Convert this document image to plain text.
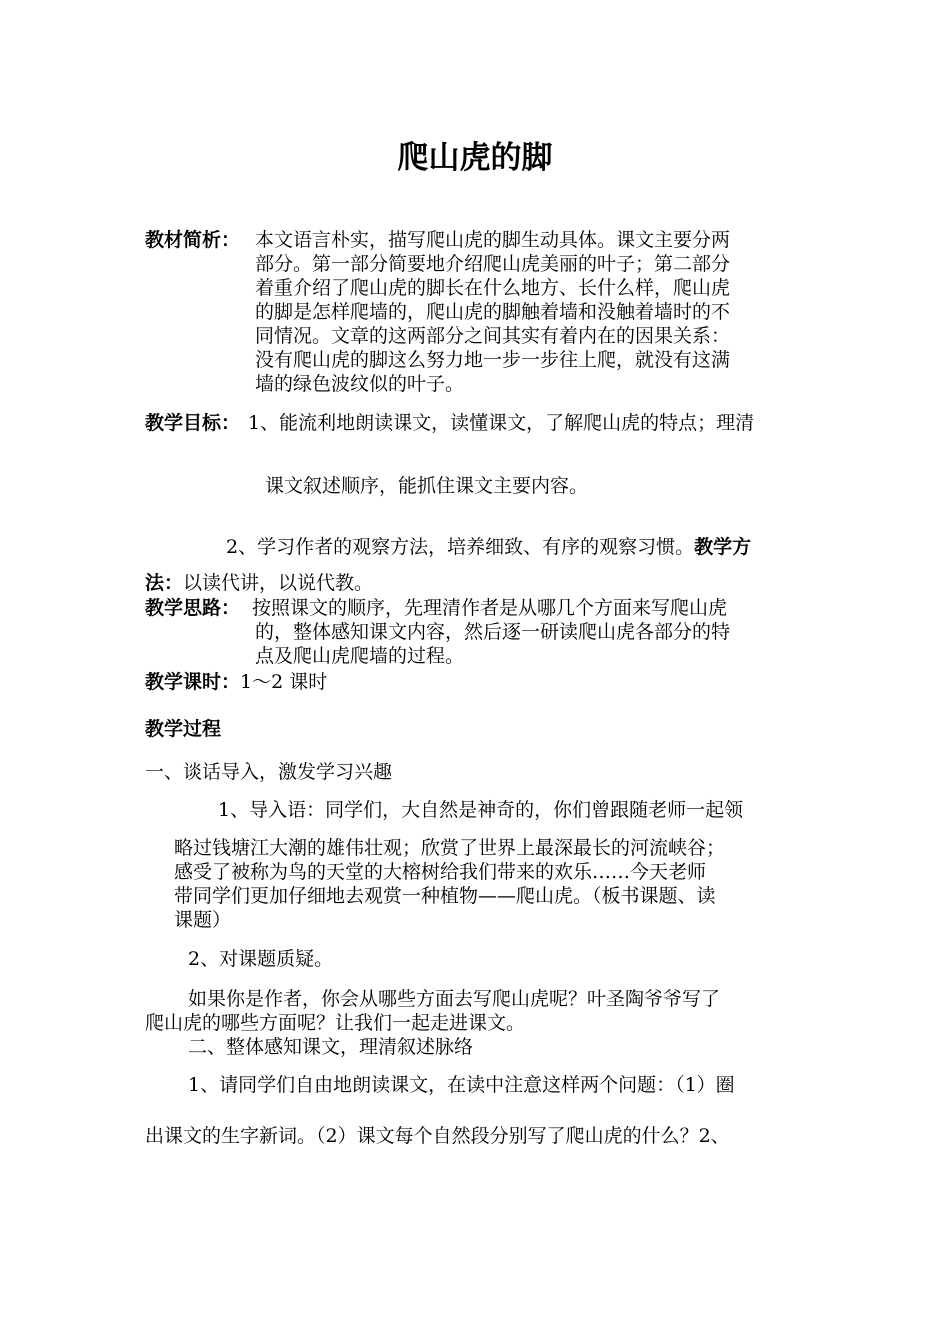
爬山虎的脚
教材简析： 本文语言朴实，描写爬山虎的脚生动具体。课文主要分两
部分。第一部分简要地介绍爬山虎美丽的叶子；第二部分
着重介绍了爬山虎的脚长在什么地方、长什么样，爬山虎
的脚是怎样爬墙的，爬山虎的脚触着墙和没触着墙时的不
同情况。文章的这两部分之间其实有着内在的因果关系：
没有爬山虎的脚这么努力地一步一步往上爬，就没有这满
墙的绿色波纹似的叶子。
教学目标： 1、能流利地朗读课文，读懂课文，了解爬山虎的特点；理清
课文叙述顺序，能抓住课文主要内容。
2、学习作者的观察方法，培养细致、有序的观察习惯。教学方
法：以读代讲，以说代教。
教学思路： 按照课文的顺序，先理清作者是从哪几个方面来写爬山虎
的，整体感知课文内容，然后逐一研读爬山虎各部分的特
点及爬山虎爬墙的过程。
教学课时：1～2 课时
教学过程
一、谈话导入，激发学习兴趣
1、导入语：同学们，大自然是神奇的，你们曾跟随老师一起领
略过钱塘江大潮的雄伟壮观；欣赏了世界上最深最长的河流峡谷；
感受了被称为鸟的天堂的大榕树给我们带来的欢乐……今天老师
带同学们更加仔细地去观赏一种植物——爬山虎。（板书课题、读
课题）
2、对课题质疑。
如果你是作者，你会从哪些方面去写爬山虎呢？叶圣陶爷爷写了
爬山虎的哪些方面呢？让我们一起走进课文。
二、整体感知课文，理清叙述脉络
1、请同学们自由地朗读课文，在读中注意这样两个问题：（1）圈
出课文的生字新词。（2）课文每个自然段分别写了爬山虎的什么？2、
